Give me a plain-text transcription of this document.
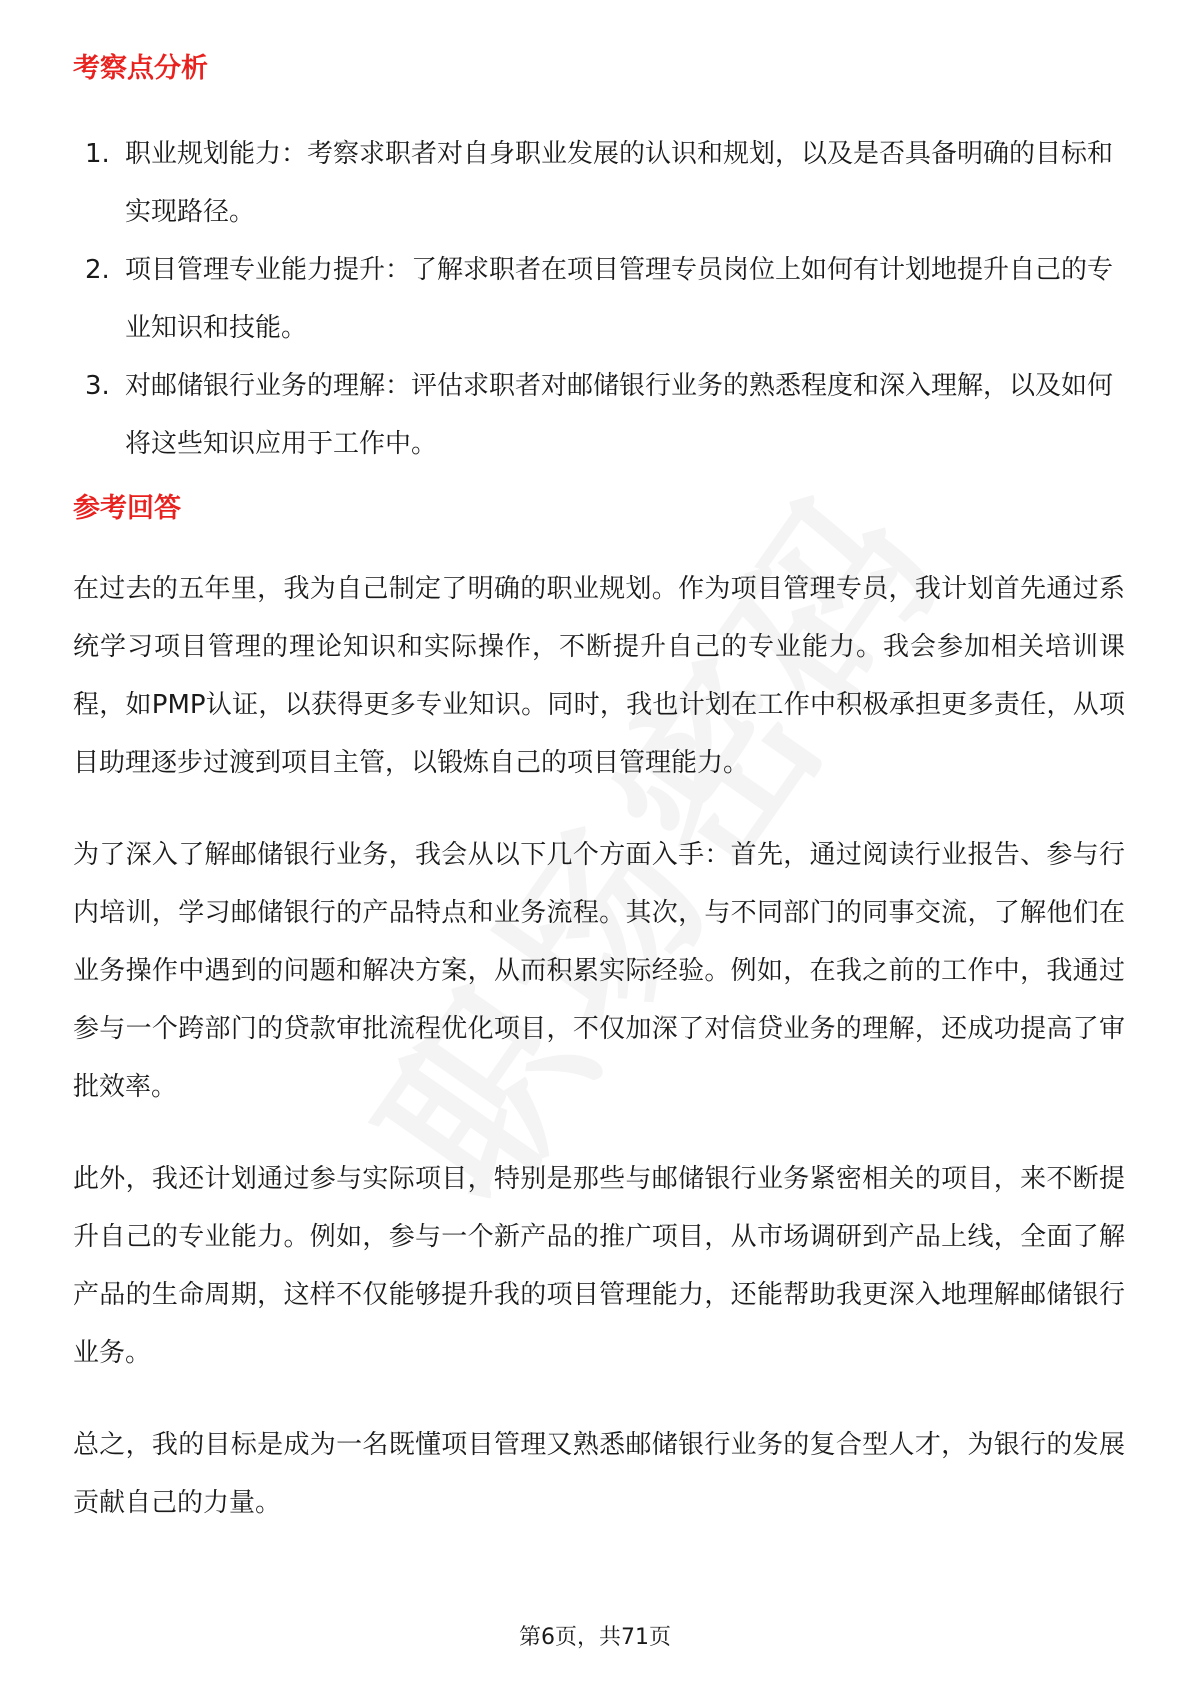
考察点分析
1. 职业规划能力：考察求职者对自身职业发展的认识和规划，以及是否具备明确的目标和实现路径。
2. 项目管理专业能力提升：了解求职者在项目管理专员岗位上如何有计划地提升自己的专业知识和技能。
3. 对邮储银行业务的理解：评估求职者对邮储银行业务的熟悉程度和深入理解，以及如何将这些知识应用于工作中。
参考回答

在过去的五年里，我为自己制定了明确的职业规划。作为项目管理专员，我计划首先通过系统学习项目管理的理论知识和实际操作，不断提升自己的专业能力。我会参加相关培训课程，如PMP认证，以获得更多专业知识。同时，我也计划在工作中积极承担更多责任，从项目助理逐步过渡到项目主管，以锻炼自己的项目管理能力。

为了深入了解邮储银行业务，我会从以下几个方面入手：首先，通过阅读行业报告、参与行内培训，学习邮储银行的产品特点和业务流程。其次，与不同部门的同事交流，了解他们在业务操作中遇到的问题和解决方案，从而积累实际经验。例如，在我之前的工作中，我通过参与一个跨部门的贷款审批流程优化项目，不仅加深了对信贷业务的理解，还成功提高了审批效率。

此外，我还计划通过参与实际项目，特别是那些与邮储银行业务紧密相关的项目，来不断提升自己的专业能力。例如，参与一个新产品的推广项目，从市场调研到产品上线，全面了解产品的生命周期，这样不仅能够提升我的项目管理能力，还能帮助我更深入地理解邮储银行业务。

总之，我的目标是成为一名既懂项目管理又熟悉邮储银行业务的复合型人才，为银行的发展贡献自己的力量。

第6页，共71页
